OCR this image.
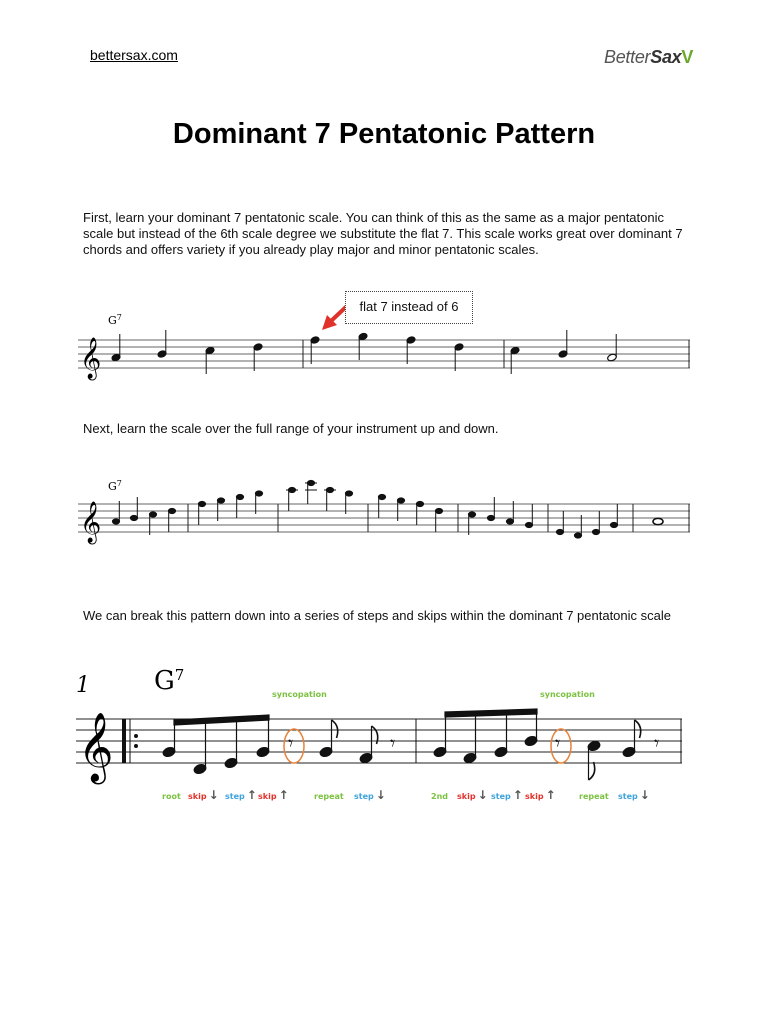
bettersax.com	BetterSaxV
Dominant 7 Pentatonic Pattern
First, learn your dominant 7 pentatonic scale. You can think of this as the same as a major pentatonic scale but instead of the 6th scale degree we substitute the flat 7. This scale works great over dominant 7 chords and offers variety if you already play major and minor pentatonic scales.
$G^7$
𝄞
flat 7 instead of 6
Next, learn the scale over the full range of your instrument up and down.
$G^7$
𝄞
We can break this pattern down into a series of steps and skips within the dominant 7 pentatonic scale
1 $G^7$
syncopation	syncopation
𝄞	𝄾	𝄾	𝄾	𝄾
root skip ↓ step ↑ skip ↑	repeat step ↓	2nd skip ↓ step ↑ skip ↑	repeat step ↓
